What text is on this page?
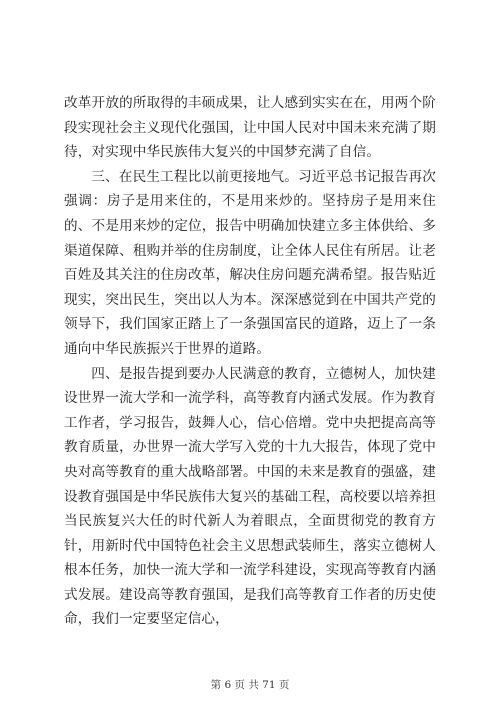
改革开放的所取得的丰硕成果，让人感到实实在在，用两个阶段实现社会主义现代化强国，让中国人民对中国未来充满了期待，对实现中华民族伟大复兴的中国梦充满了自信。

三、在民生工程比以前更接地气。习近平总书记报告再次强调：房子是用来住的，不是用来炒的。坚持房子是用来住的、不是用来炒的定位，报告中明确加快建立多主体供给、多渠道保障、租购并举的住房制度，让全体人民住有所居。让老百姓及其关注的住房改革，解决住房问题充满希望。报告贴近现实，突出民生，突出以人为本。深深感觉到在中国共产党的领导下，我们国家正踏上了一条强国富民的道路，迈上了一条通向中华民族振兴于世界的道路。

四、是报告提到要办人民满意的教育，立德树人，加快建设世界一流大学和一流学科，高等教育内涵式发展。作为教育工作者，学习报告，鼓舞人心，信心倍增。党中央把提高高等教育质量，办世界一流大学写入党的十九大报告，体现了党中央对高等教育的重大战略部署。中国的未来是教育的强盛，建设教育强国是中华民族伟大复兴的基础工程，高校要以培养担当民族复兴大任的时代新人为着眼点，全面贯彻党的教育方针，用新时代中国特色社会主义思想武装师生，落实立德树人根本任务，加快一流大学和一流学科建设，实现高等教育内涵式发展。建设高等教育强国，是我们高等教育工作者的历史使命，我们一定要坚定信心，

第 6 页 共 71 页
